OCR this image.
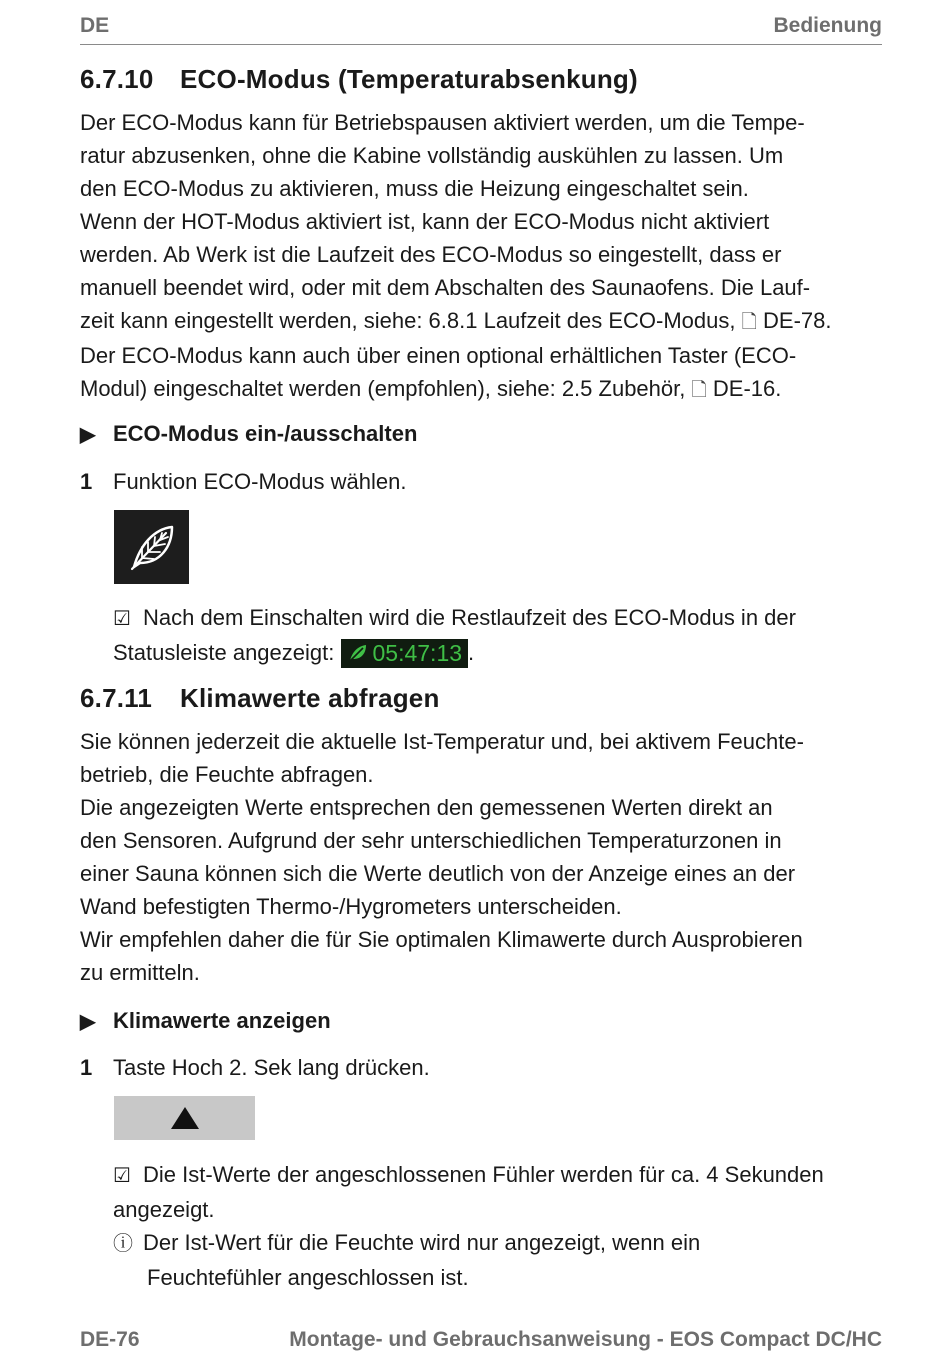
DE	Bedienung
6.7.10 ECO-Modus (Temperaturabsenkung)
Der ECO-Modus kann für Betriebspausen aktiviert werden, um die Tempe-
ratur abzusenken, ohne die Kabine vollständig auskühlen zu lassen. Um
den ECO-Modus zu aktivieren, muss die Heizung eingeschaltet sein.
Wenn der HOT-Modus aktiviert ist, kann der ECO-Modus nicht aktiviert
werden. Ab Werk ist die Laufzeit des ECO-Modus so eingestellt, dass er
manuell beendet wird, oder mit dem Abschalten des Saunaofens. Die Lauf-
zeit kann eingestellt werden, siehe: 6.8.1 Laufzeit des ECO-Modus, 🗋 DE-78.
Der ECO-Modus kann auch über einen optional erhältlichen Taster (ECO-
Modul) eingeschaltet werden (empfohlen), siehe: 2.5 Zubehör, 🗋 DE-16.
▶ ECO-Modus ein-/ausschalten
1 Funktion ECO-Modus wählen.
☑ Nach dem Einschalten wird die Restlaufzeit des ECO-Modus in der
Statusleiste angezeigt: 05:47:13 .
6.7.11 Klimawerte abfragen
Sie können jederzeit die aktuelle Ist-Temperatur und, bei aktivem Feuchte-
betrieb, die Feuchte abfragen.
Die angezeigten Werte entsprechen den gemessenen Werten direkt an
den Sensoren. Aufgrund der sehr unterschiedlichen Temperaturzonen in
einer Sauna können sich die Werte deutlich von der Anzeige eines an der
Wand befestigten Thermo-/Hygrometers unterscheiden.
Wir empfehlen daher die für Sie optimalen Klimawerte durch Ausprobieren
zu ermitteln.
▶ Klimawerte anzeigen
1 Taste Hoch 2. Sek lang drücken.
☑ Die Ist-Werte der angeschlossenen Fühler werden für ca. 4 Sekunden
angezeigt.
ⓘ Der Ist-Wert für die Feuchte wird nur angezeigt, wenn ein
Feuchtefühler angeschlossen ist.
DE-76	Montage- und Gebrauchsanweisung - EOS Compact DC/HC
